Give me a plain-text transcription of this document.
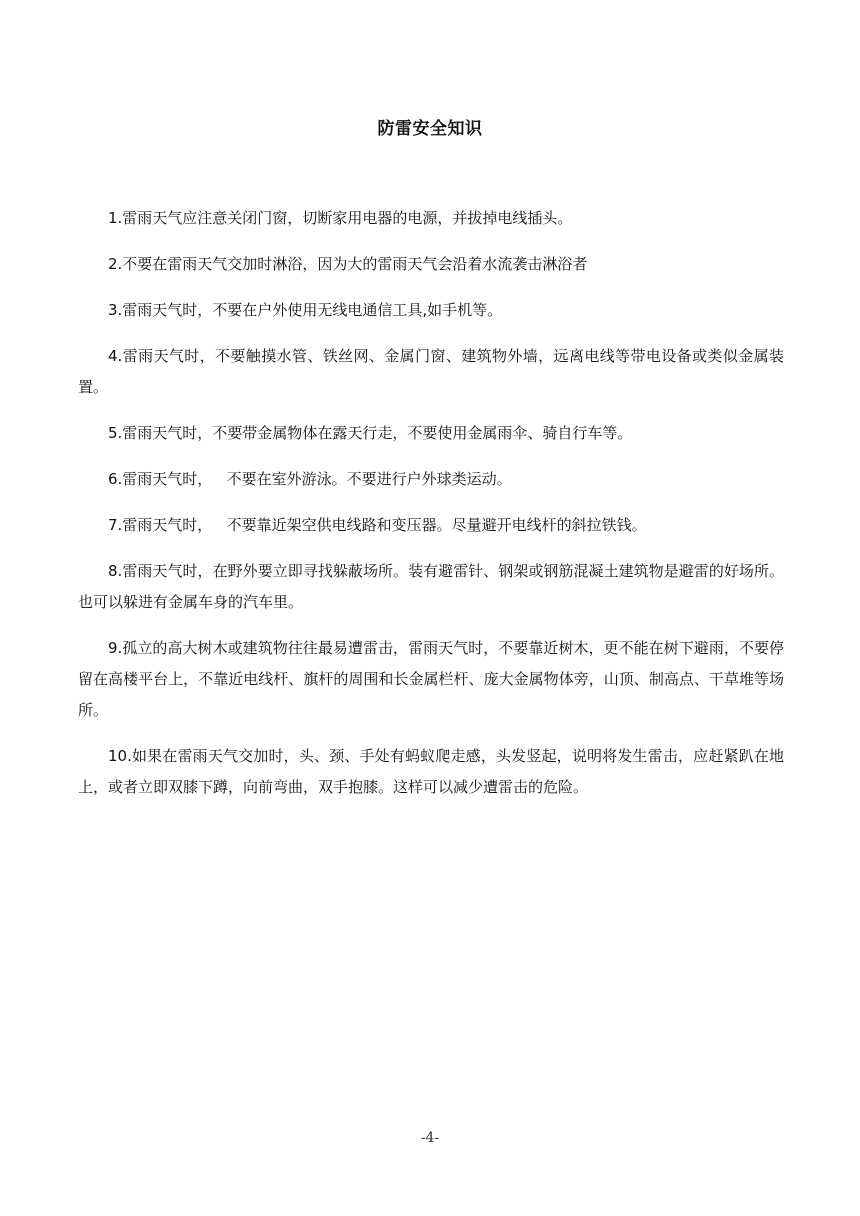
防雷安全知识

1.雷雨天气应注意关闭门窗，切断家用电器的电源，并拔掉电线插头。

2.不要在雷雨天气交加时淋浴，因为大的雷雨天气会沿着水流袭击淋浴者

3.雷雨天气时，不要在户外使用无线电通信工具,如手机等。

4.雷雨天气时，不要触摸水管、铁丝网、金属门窗、建筑物外墙，远离电线等带电设备或类似金属装置。

5.雷雨天气时，不要带金属物体在露天行走，不要使用金属雨伞、骑自行车等。

6.雷雨天气时，   不要在室外游泳。不要进行户外球类运动。

7.雷雨天气时，   不要靠近架空供电线路和变压器。尽量避开电线杆的斜拉铁钱。

8.雷雨天气时，在野外要立即寻找躲蔽场所。装有避雷针、钢架或钢筋混凝土建筑物是避雷的好场所。也可以躲进有金属车身的汽车里。

9.孤立的高大树木或建筑物往往最易遭雷击，雷雨天气时，不要靠近树木，更不能在树下避雨，不要停留在高楼平台上，不靠近电线杆、旗杆的周围和长金属栏杆、庞大金属物体旁，山顶、制高点、干草堆等场所。

10.如果在雷雨天气交加时，头、颈、手处有蚂蚁爬走感，头发竖起，说明将发生雷击，应赶紧趴在地上，或者立即双膝下蹲，向前弯曲，双手抱膝。这样可以减少遭雷击的危险。

-4-
